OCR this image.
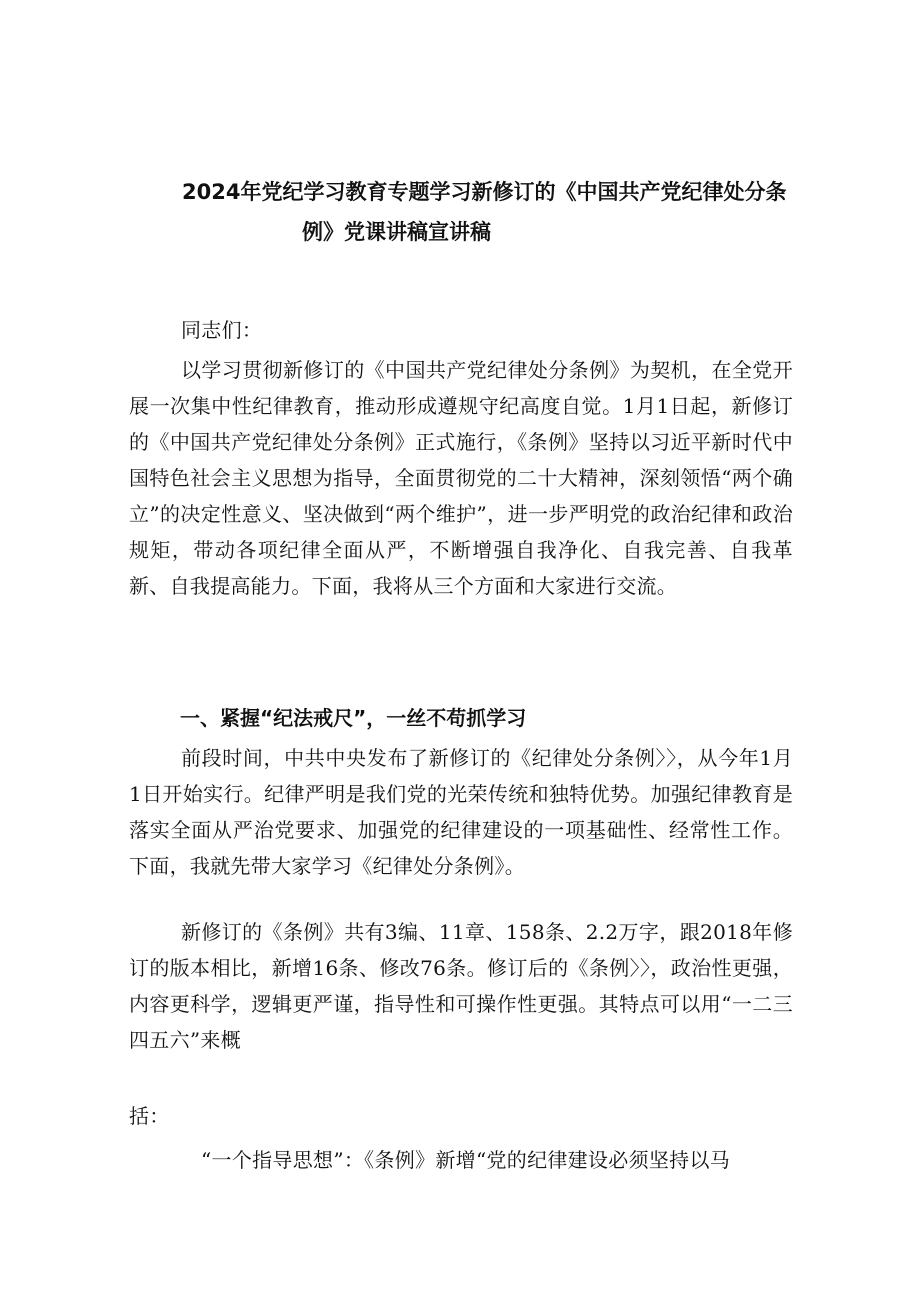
2024年党纪学习教育专题学习新修订的《中国共产党纪律处分条
例》党课讲稿宣讲稿
同志们：
以学习贯彻新修订的《中国共产党纪律处分条例》为契机，在全党开展一次集中性纪律教育，推动形成遵规守纪高度自觉。1月1日起，新修订的《中国共产党纪律处分条例》正式施行，《条例》坚持以习近平新时代中国特色社会主义思想为指导，全面贯彻党的二十大精神，深刻领悟“两个确立”的决定性意义、坚决做到“两个维护”，进一步严明党的政治纪律和政治规矩，带动各项纪律全面从严，不断增强自我净化、自我完善、自我革新、自我提高能力。下面，我将从三个方面和大家进行交流。
一、紧握“纪法戒尺”，一丝不苟抓学习
前段时间，中共中央发布了新修订的《纪律处分条例〉〉，从今年1月1日开始实行。纪律严明是我们党的光荣传统和独特优势。加强纪律教育是落实全面从严治党要求、加强党的纪律建设的一项基础性、经常性工作。下面，我就先带大家学习《纪律处分条例》。
新修订的《条例》共有3编、11章、158条、2.2万字，跟2018年修订的版本相比，新增16条、修改76条。修订后的《条例〉〉，政治性更强，内容更科学，逻辑更严谨，指导性和可操作性更强。其特点可以用“一二三四五六”来概
括：
“一个指导思想”：《条例》新增“党的纪律建设必须坚持以马
